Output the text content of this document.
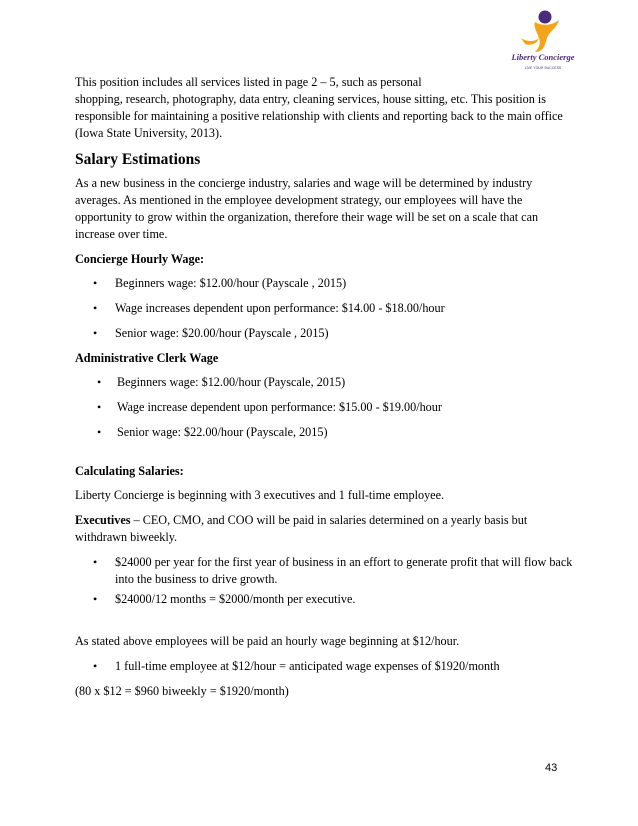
Liberty Concierge
LIVE YOUR SUCCESS

This position includes all services listed in page 2 – 5, such as personal
shopping, research, photography, data entry, cleaning services, house sitting, etc. This position is responsible for maintaining a positive relationship with clients and reporting back to the main office (Iowa State University, 2013).

Salary Estimations

As a new business in the concierge industry, salaries and wage will be determined by industry averages. As mentioned in the employee development strategy, our employees will have the opportunity to grow within the organization, therefore their wage will be set on a scale that can increase over time.

Concierge Hourly Wage:

• Beginners wage: $12.00/hour (Payscale , 2015)
• Wage increases dependent upon performance: $14.00 - $18.00/hour
• Senior wage: $20.00/hour (Payscale , 2015)

Administrative Clerk Wage

• Beginners wage: $12.00/hour (Payscale, 2015)
• Wage increase dependent upon performance: $15.00 - $19.00/hour
• Senior wage: $22.00/hour (Payscale, 2015)

Calculating Salaries:

Liberty Concierge is beginning with 3 executives and 1 full-time employee.

Executives – CEO, CMO, and COO will be paid in salaries determined on a yearly basis but withdrawn biweekly.

• $24000 per year for the first year of business in an effort to generate profit that will flow back into the business to drive growth.
• $24000/12 months = $2000/month per executive.

As stated above employees will be paid an hourly wage beginning at $12/hour.

• 1 full-time employee at $12/hour = anticipated wage expenses of $1920/month

(80 x $12 = $960 biweekly = $1920/month)

43
